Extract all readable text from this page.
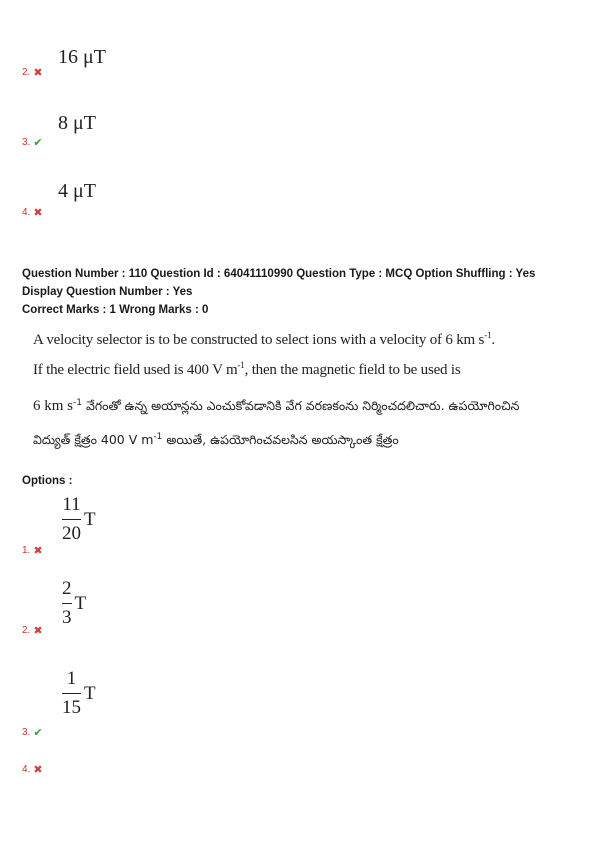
16 μT
2. ✖
8 μT
3. ✔
4 μT
4. ✖
Question Number : 110 Question Id : 64041110990 Question Type : MCQ Option Shuffling : Yes
Display Question Number : Yes
Correct Marks : 1 Wrong Marks : 0
A velocity selector is to be constructed to select ions with a velocity of 6 km $s^{-1}$.
If the electric field used is 400 V $m^{-1}$, then the magnetic field to be used is
6 km $s^{-1}$ వేగంతో ఉన్న అయాన్లను ఎంచుకోవడానికి వేగ వరణకంను నిర్మించదలిచారు. ఉపయోగించిన
విద్యుత్ క్షేత్రం 400 V $m^{-1}$ అయితే, ఉపయోగించవలసిన అయస్కాంత క్షేత్రం
Options :
11
20
T
1. ✖
2
3
T
2. ✖
1
15
T
3. ✔
4. ✖
